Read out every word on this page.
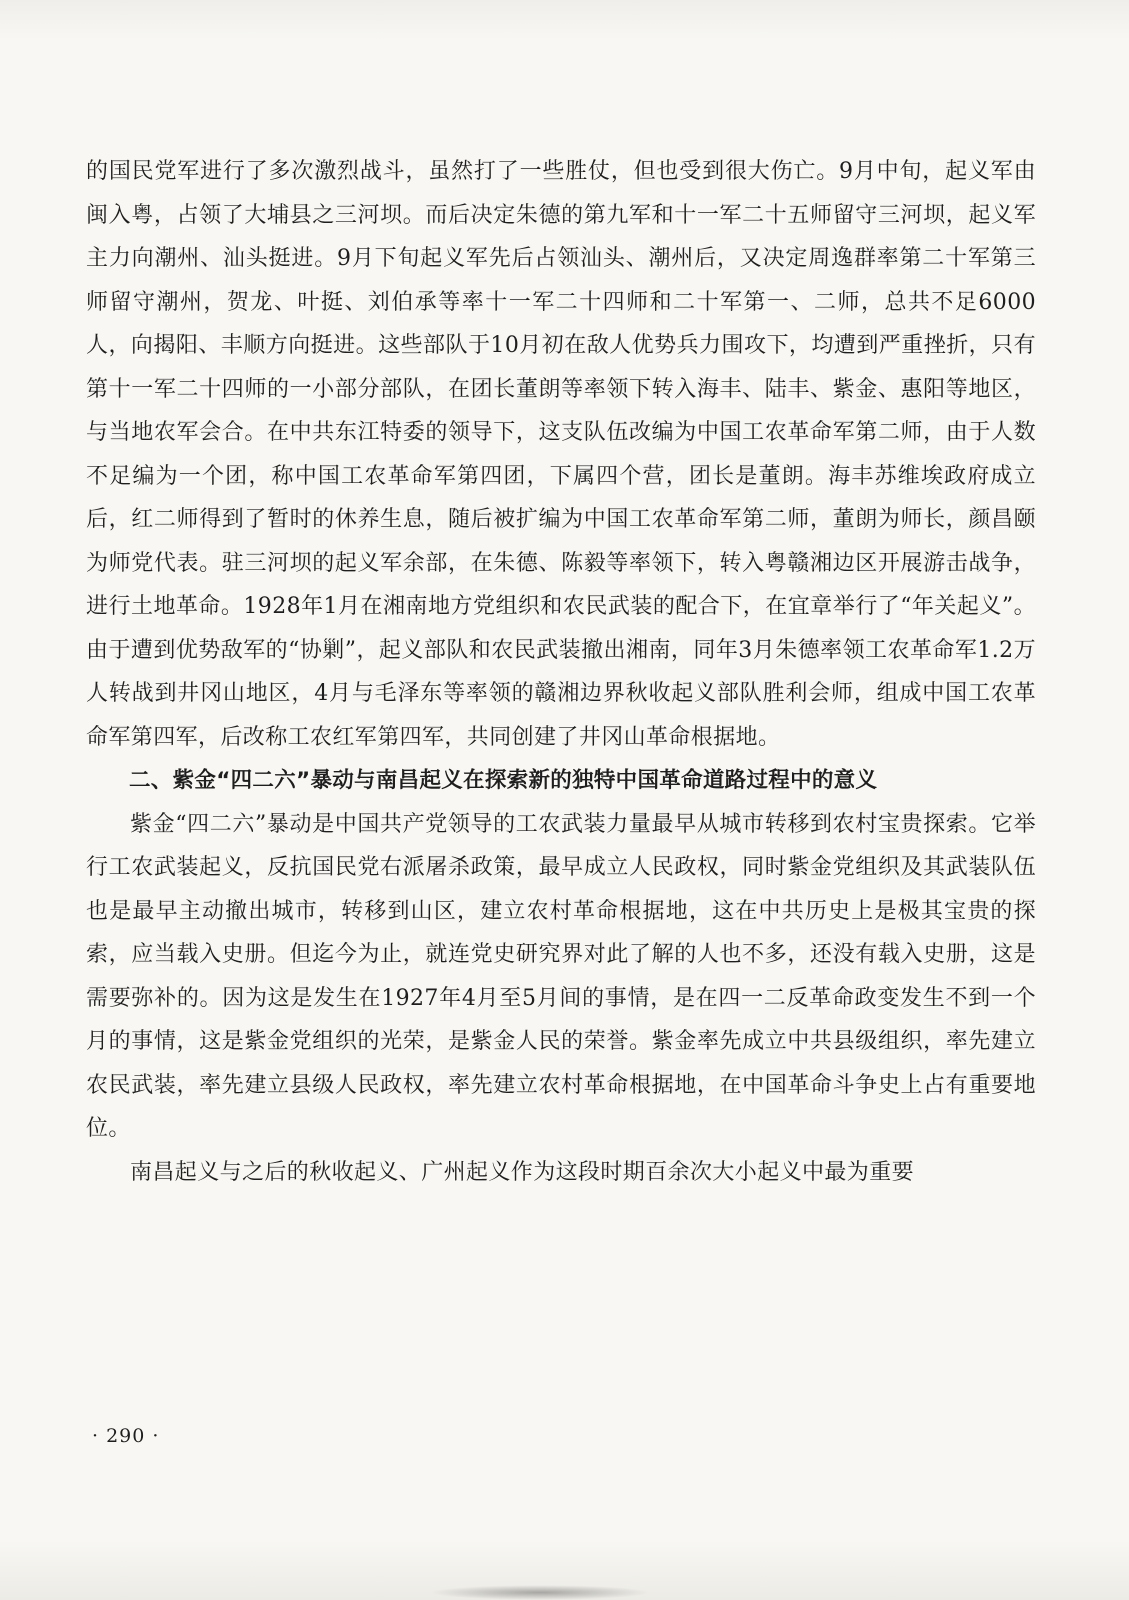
的国民党军进行了多次激烈战斗，虽然打了一些胜仗，但也受到很大伤亡。9月中旬，起义军由闽入粤，占领了大埔县之三河坝。而后决定朱德的第九军和十一军二十五师留守三河坝，起义军主力向潮州、汕头挺进。9月下旬起义军先后占领汕头、潮州后，又决定周逸群率第二十军第三师留守潮州，贺龙、叶挺、刘伯承等率十一军二十四师和二十军第一、二师，总共不足6000人，向揭阳、丰顺方向挺进。这些部队于10月初在敌人优势兵力围攻下，均遭到严重挫折，只有第十一军二十四师的一小部分部队，在团长董朗等率领下转入海丰、陆丰、紫金、惠阳等地区，与当地农军会合。在中共东江特委的领导下，这支队伍改编为中国工农革命军第二师，由于人数不足编为一个团，称中国工农革命军第四团，下属四个营，团长是董朗。海丰苏维埃政府成立后，红二师得到了暂时的休养生息，随后被扩编为中国工农革命军第二师，董朗为师长，颜昌颐为师党代表。驻三河坝的起义军余部，在朱德、陈毅等率领下，转入粤赣湘边区开展游击战争，进行土地革命。1928年1月在湘南地方党组织和农民武装的配合下，在宜章举行了“年关起义”。由于遭到优势敌军的“协剿”，起义部队和农民武装撤出湘南，同年3月朱德率领工农革命军1.2万人转战到井冈山地区，4月与毛泽东等率领的赣湘边界秋收起义部队胜利会师，组成中国工农革命军第四军，后改称工农红军第四军，共同创建了井冈山革命根据地。

二、紫金“四二六”暴动与南昌起义在探索新的独特中国革命道路过程中的意义

紫金“四二六”暴动是中国共产党领导的工农武装力量最早从城市转移到农村宝贵探索。它举行工农武装起义，反抗国民党右派屠杀政策，最早成立人民政权，同时紫金党组织及其武装队伍也是最早主动撤出城市，转移到山区，建立农村革命根据地，这在中共历史上是极其宝贵的探索，应当载入史册。但迄今为止，就连党史研究界对此了解的人也不多，还没有载入史册，这是需要弥补的。因为这是发生在1927年4月至5月间的事情，是在四一二反革命政变发生不到一个月的事情，这是紫金党组织的光荣，是紫金人民的荣誉。紫金率先成立中共县级组织，率先建立农民武装，率先建立县级人民政权，率先建立农村革命根据地，在中国革命斗争史上占有重要地位。

南昌起义与之后的秋收起义、广州起义作为这段时期百余次大小起义中最为重要

· 290 ·
